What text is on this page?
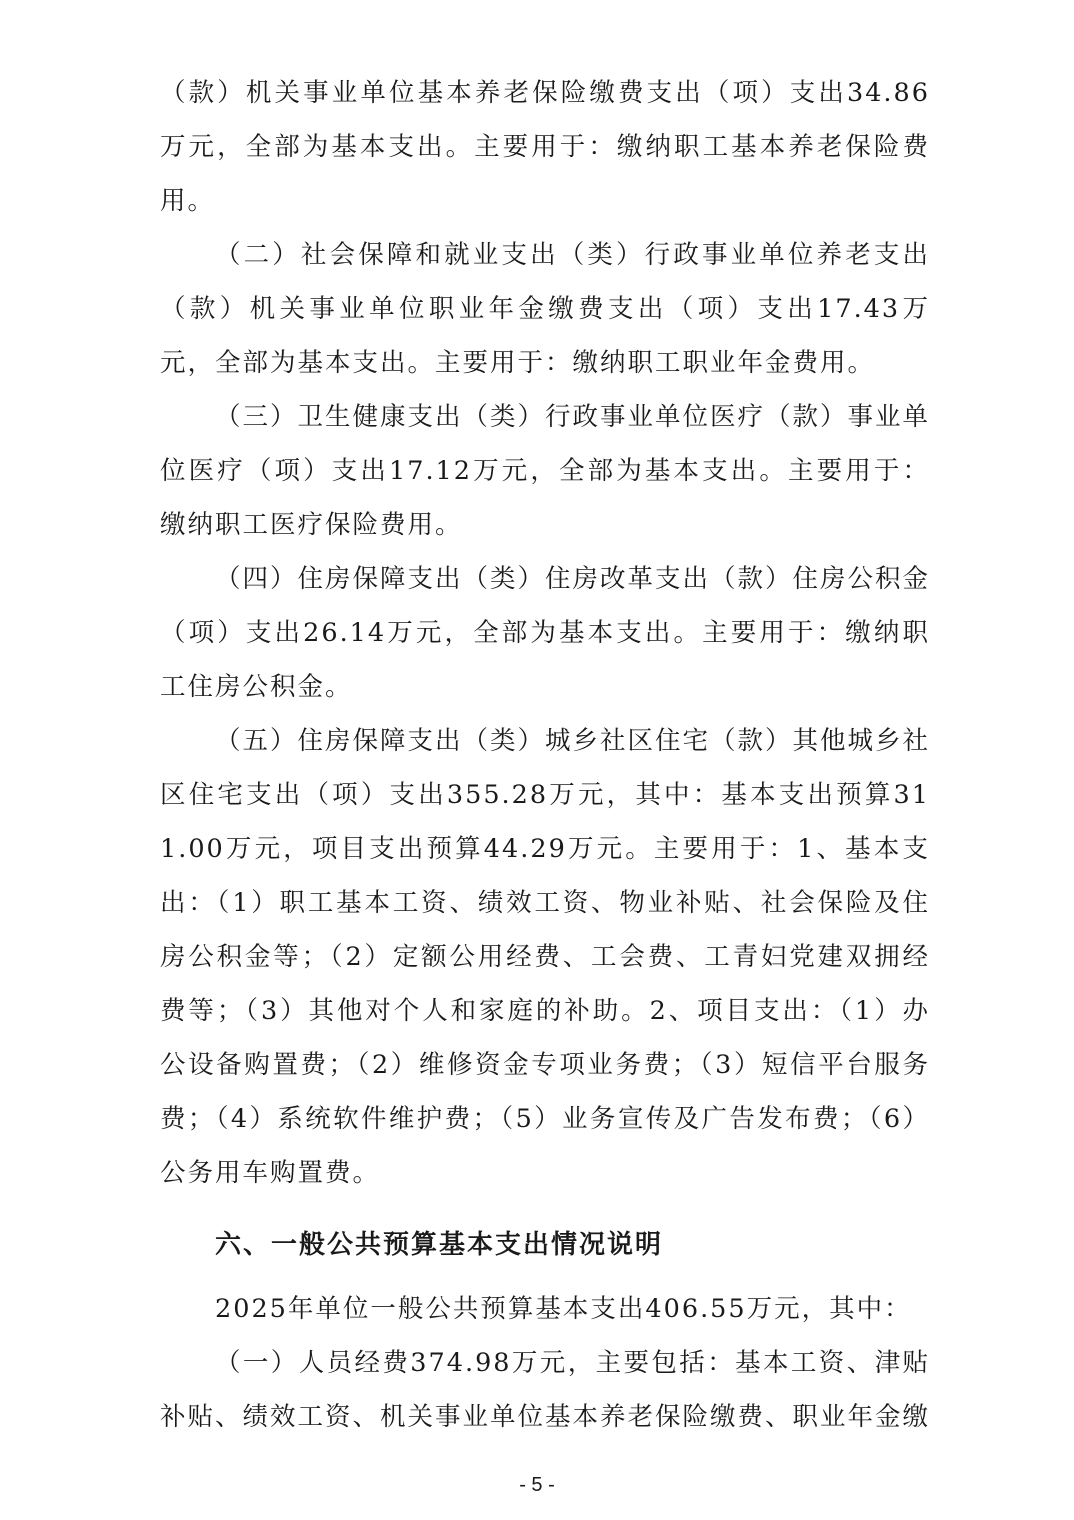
（款）机关事业单位基本养老保险缴费支出（项）支出34.86万元，全部为基本支出。主要用于：缴纳职工基本养老保险费用。

（二）社会保障和就业支出（类）行政事业单位养老支出（款）机关事业单位职业年金缴费支出（项）支出17.43万元，全部为基本支出。主要用于：缴纳职工职业年金费用。

（三）卫生健康支出（类）行政事业单位医疗（款）事业单位医疗（项）支出17.12万元，全部为基本支出。主要用于：缴纳职工医疗保险费用。

（四）住房保障支出（类）住房改革支出（款）住房公积金（项）支出26.14万元，全部为基本支出。主要用于：缴纳职工住房公积金。

（五）住房保障支出（类）城乡社区住宅（款）其他城乡社区住宅支出（项）支出355.28万元，其中：基本支出预算311.00万元，项目支出预算44.29万元。主要用于：1、基本支出：（1）职工基本工资、绩效工资、物业补贴、社会保险及住房公积金等；（2）定额公用经费、工会费、工青妇党建双拥经费等；（3）其他对个人和家庭的补助。2、项目支出：（1）办公设备购置费；（2）维修资金专项业务费；（3）短信平台服务费；（4）系统软件维护费；（5）业务宣传及广告发布费；（6）公务用车购置费。

六、一般公共预算基本支出情况说明

2025年单位一般公共预算基本支出406.55万元，其中：

（一）人员经费374.98万元，主要包括：基本工资、津贴补贴、绩效工资、机关事业单位基本养老保险缴费、职业年金缴

- 5 -
